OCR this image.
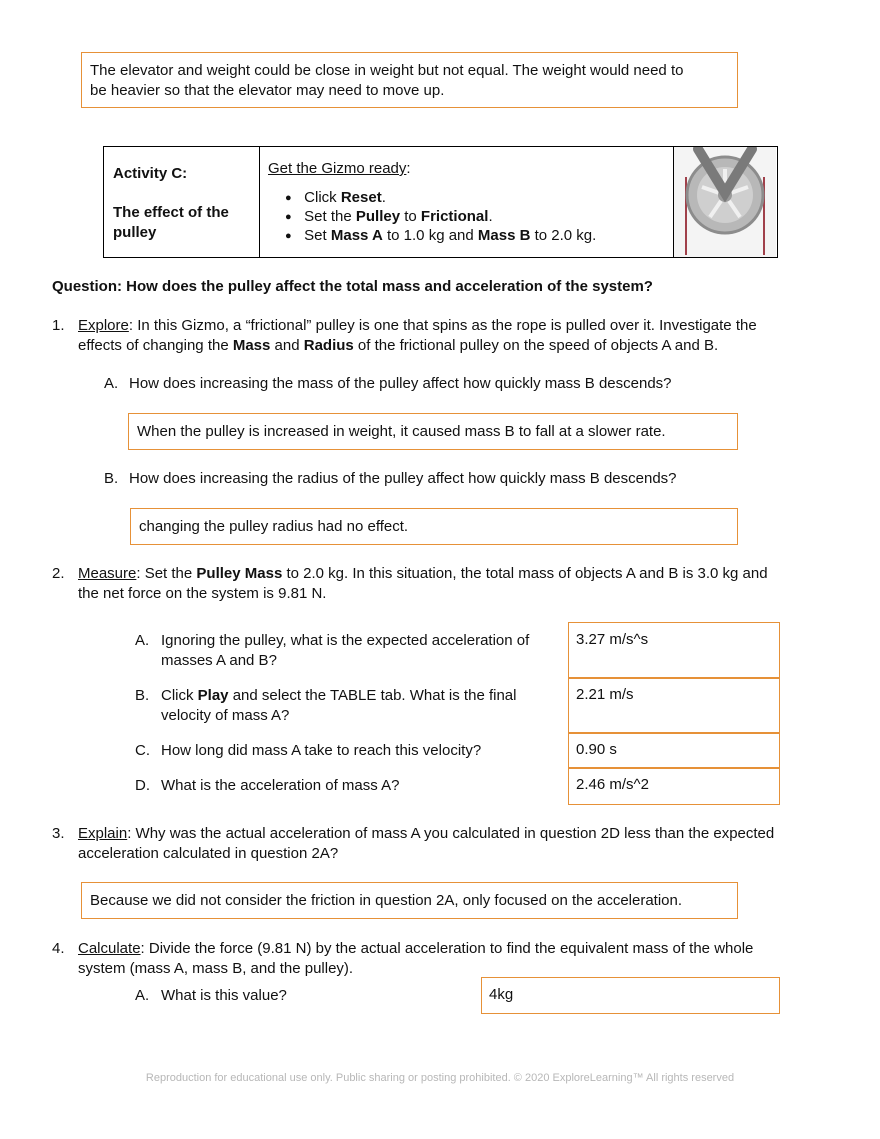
The elevator and weight could be close in weight but not equal. The weight would need to
be heavier so that the elevator may need to move up.
Activity C:
The effect of the
pulley
Get the Gizmo ready:
● Click Reset.
● Set the Pulley to Frictional.
● Set Mass A to 1.0 kg and Mass B to 2.0 kg.
Question: How does the pulley affect the total mass and acceleration of the system?
1. Explore: In this Gizmo, a “frictional” pulley is one that spins as the rope is pulled over it. Investigate the
effects of changing the Mass and Radius of the frictional pulley on the speed of objects A and B.
A. How does increasing the mass of the pulley affect how quickly mass B descends?
When the pulley is increased in weight, it caused mass B to fall at a slower rate.
B. How does increasing the radius of the pulley affect how quickly mass B descends?
changing the pulley radius had no effect.
2. Measure: Set the Pulley Mass to 2.0 kg. In this situation, the total mass of objects A and B is 3.0 kg and
the net force on the system is 9.81 N.
A. Ignoring the pulley, what is the expected acceleration of
masses A and B?
B. Click Play and select the TABLE tab. What is the final
velocity of mass A?
C. How long did mass A take to reach this velocity?
D. What is the acceleration of mass A?
3.27 m/s^s
2.21 m/s
0.90 s
2.46 m/s^2
3. Explain: Why was the actual acceleration of mass A you calculated in question 2D less than the expected
acceleration calculated in question 2A?
Because we did not consider the friction in question 2A, only focused on the acceleration.
4. Calculate: Divide the force (9.81 N) by the actual acceleration to find the equivalent mass of the whole
system (mass A, mass B, and the pulley).
A. What is this value?	4kg
Reproduction for educational use only. Public sharing or posting prohibited. © 2020 ExploreLearning™ All rights reserved
